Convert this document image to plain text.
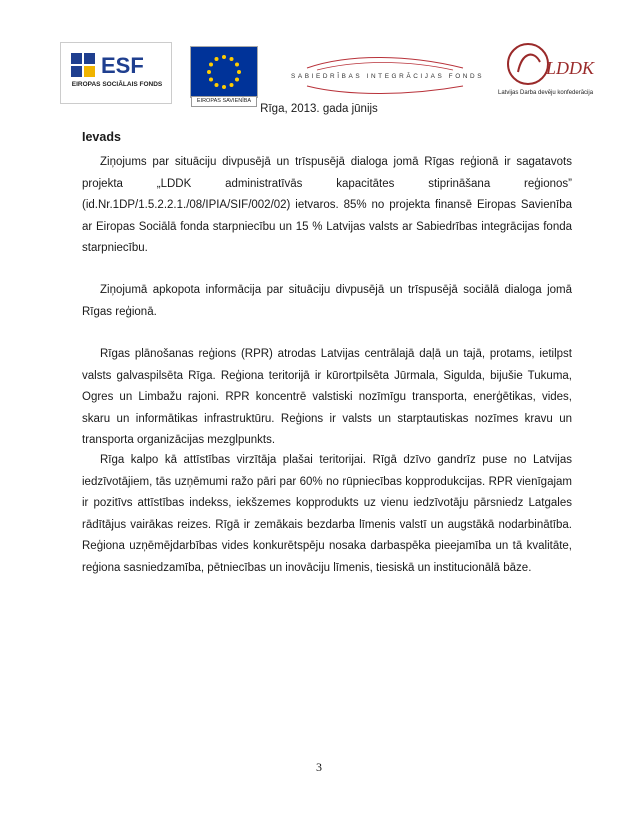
ESF
EIROPAS SOCIĀLAIS FONDS
EIROPAS SAVIENĪBA
SABIEDRĪBAS INTEGRĀCIJAS FONDS	LDDK
Latvijas Darba devēju konfederācija
Rīga, 2013. gada jūnijs
Ievads

Ziņojums par situāciju divpusējā un trīspusējā dialoga jomā Rīgas reģionā ir sagatavots

projekta	„LDDK	administratīvās	kapacitātes	stiprināšana	reģionos”
(id.Nr.1DP/1.5.2.2.1./08/IPIA/SIF/002/02) ietvaros. 85% no projekta finansē Eiropas Savienība ar Eiropas Sociālā fonda starpniecību un 15 % Latvijas valsts ar Sabiedrības integrācijas fonda starpniecību.

Ziņojumā apkopota informācija par situāciju divpusējā un trīspusējā sociālā dialoga jomā Rīgas reģionā.

Rīgas plānošanas reģions (RPR) atrodas Latvijas centrālajā daļā un tajā, protams, ietilpst valsts galvaspilsēta Rīga. Reģiona teritorijā ir kūrortpilsēta Jūrmala, Sigulda, bijušie Tukuma, Ogres un Limbažu rajoni. RPR koncentrē valstiski nozīmīgu transporta, enerģētikas, vides, skaru un informātikas infrastruktūru. Reģions ir valsts un starptautiskas nozīmes kravu un transporta organizācijas mezglpunkts.

Rīga kalpo kā attīstības virzītāja plašai teritorijai. Rīgā dzīvo gandrīz puse no Latvijas iedzīvotājiem, tās uzņēmumi ražo pāri par 60% no rūpniecības kopprodukcijas. RPR vienīgajam ir pozitīvs attīstības indekss, iekšzemes kopprodukts uz vienu iedzīvotāju pārsniedz Latgales rādītājus vairākas reizes. Rīgā ir zemākais bezdarba līmenis valstī un augstākā nodarbinātība. Reģiona uzņēmējdarbības vides konkurētspēju nosaka darbaspēka pieejamība un tā kvalitāte, reģiona sasniedzamība, pētniecības un inovāciju līmenis, tiesiskā un institucionālā bāze.

3
